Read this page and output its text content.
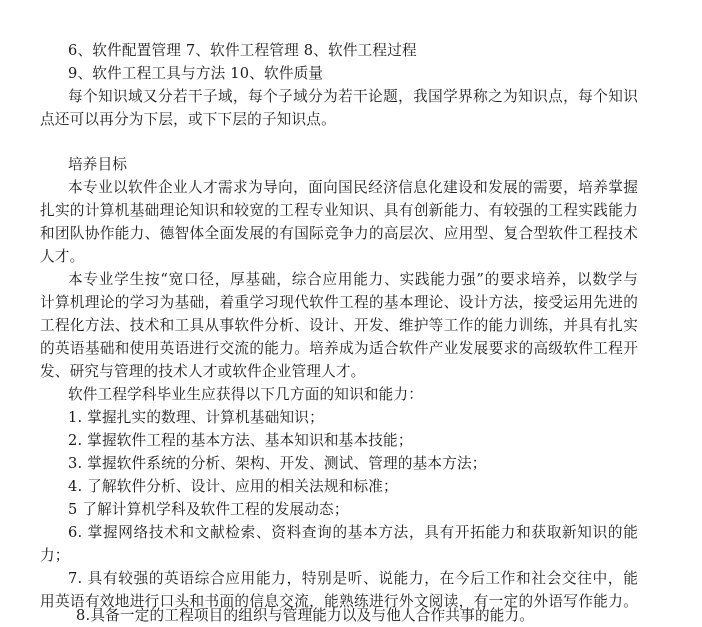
6、软件配置管理 7、软件工程管理 8、软件工程过程
9、软件工程工具与方法 10、软件质量
每个知识域又分若干子域，每个子域分为若干论题，我国学界称之为知识点，每个知识
点还可以再分为下层，或下下层的子知识点。
培养目标
本专业以软件企业人才需求为导向，面向国民经济信息化建设和发展的需要，培养掌握
扎实的计算机基础理论知识和较宽的工程专业知识、具有创新能力、有较强的工程实践能力
和团队协作能力、德智体全面发展的有国际竞争力的高层次、应用型、复合型软件工程技术
人才。
本专业学生按“宽口径，厚基础，综合应用能力、实践能力强”的要求培养，以数学与
计算机理论的学习为基础，着重学习现代软件工程的基本理论、设计方法，接受运用先进的
工程化方法、技术和工具从事软件分析、设计、开发、维护等工作的能力训练，并具有扎实
的英语基础和使用英语进行交流的能力。培养成为适合软件产业发展要求的高级软件工程开
发、研究与管理的技术人才或软件企业管理人才。
软件工程学科毕业生应获得以下几方面的知识和能力：
1. 掌握扎实的数理、计算机基础知识；
2. 掌握软件工程的基本方法、基本知识和基本技能；
3. 掌握软件系统的分析、架构、开发、测试、管理的基本方法；
4. 了解软件分析、设计、应用的相关法规和标准；
5 了解计算机学科及软件工程的发展动态；
6. 掌握网络技术和文献检索、资料查询的基本方法，具有开拓能力和获取新知识的能
力；
7. 具有较强的英语综合应用能力，特别是听、说能力，在今后工作和社会交往中，能
用英语有效地进行口头和书面的信息交流，能熟练进行外文阅读，有一定的外语写作能力。
8.具备一定的工程项目的组织与管理能力以及与他人合作共事的能力。
